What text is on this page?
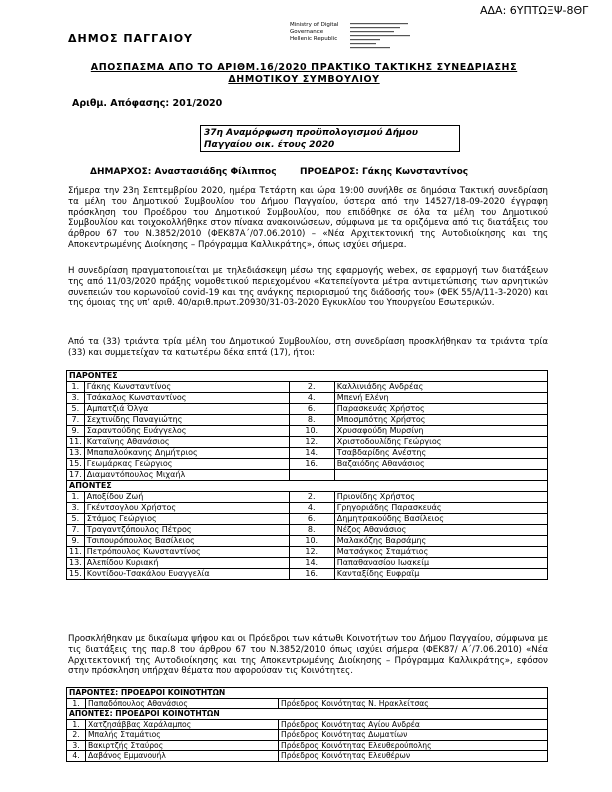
ΑΔΑ: 6ΥΠΤΩΞΨ-8ΘΓ
ΔΗΜΟΣ ΠΑΓΓΑΙΟΥ
Ministry of Digital
Governance
Hellenic Republic
ΑΠΟΣΠΑΣΜΑ ΑΠΟ ΤΟ ΑΡΙΘΜ.16/2020 ΠΡΑΚΤΙΚΟ ΤΑΚΤΙΚΗΣ ΣΥΝΕΔΡΙΑΣΗΣ ΔΗΜΟΤΙΚΟΥ ΣΥΜΒΟΥΛΙΟΥ
Αριθμ. Απόφασης: 201/2020
37η Αναμόρφωση προϋπολογισμού Δήμου Παγγαίου οικ. έτους 2020
ΔΗΜΑΡΧΟΣ: Αναστασιάδης Φίλιππος	ΠΡΟΕΔΡΟΣ: Γάκης Κωνσταντίνος
Σήμερα την 23η Σεπτεμβρίου 2020, ημέρα Τετάρτη και ώρα 19:00 συνήλθε σε δημόσια Τακτική συνεδρίαση τα μέλη του Δημοτικού Συμβουλίου του Δήμου Παγγαίου, ύστερα από την 14527/18-09-2020 έγγραφη πρόσκληση του Προέδρου του Δημοτικού Συμβουλίου, που επιδόθηκε σε όλα τα μέλη του Δημοτικού Συμβουλίου και τοιχοκολλήθηκε στον πίνακα ανακοινώσεων, σύμφωνα με τα οριζόμενα από τις διατάξεις του άρθρου 67 του Ν.3852/2010 (ΦΕΚ87Α΄/07.06.2010) – «Νέα Αρχιτεκτονική της Αυτοδιοίκησης και της Αποκεντρωμένης Διοίκησης – Πρόγραμμα Καλλικράτης», όπως ισχύει σήμερα.
Η συνεδρίαση πραγματοποιείται με τηλεδιάσκεψη μέσω της εφαρμογής webex, σε εφαρμογή των διατάξεων της από 11/03/2020 πράξης νομοθετικού περιεχομένου «Κατεπείγοντα μέτρα αντιμετώπισης των αρνητικών συνεπειών του κορωνοϊού covid-19 και της ανάγκης περιορισμού της διάδοσής του» (ΦΕΚ 55/Α/11-3-2020) και της όμοιας της υπ’ αριθ. 40/αριθ.πρωτ.20930/31-03-2020 Εγκυκλίου του Υπουργείου Εσωτερικών.
Από τα (33) τριάντα τρία μέλη του Δημοτικού Συμβουλίου, στη συνεδρίαση προσκλήθηκαν τα τριάντα τρία (33) και συμμετείχαν τα κατωτέρω δέκα επτά (17), ήτοι:
ΠΑΡΟΝΤΕΣ			
1.	Γάκης Κωνσταντίνος	2.	Καλλινιάδης Ανδρέας
3.	Τσάκαλος Κωνσταντίνος	4.	Μπενή Ελένη
5.	Αμπατζιά Όλγα	6.	Παρασκευάς Χρήστος
7.	Σεχτινίδης Παναγιώτης	8.	Μποσμπότης Χρήστος
9.	Σαραντούδης Ευάγγελος	10.	Χρυσαφούδη Μυρσίνη
11.	Καταϊνης Αθανάσιος	12.	Χριστοδουλίδης Γεώργιος
13.	Μπαπαλούκανης Δημήτριος	14.	Τσαβδαρίδης Ανέστης
15.	Γεωμάρκας Γεώργιος	16.	Βαζαιόδης Αθανάσιος
17.	Διαμαντόπουλος Μιχαήλ		
ΑΠΟΝΤΕΣ			
1.	Αποξίδου Ζωή	2.	Πριονίδης Χρήστος
3.	Γκέντσογλου Χρήστος	4.	Γρηγοριάδης Παρασκευάς
5.	Στάμος Γεώργιος	6.	Δημητρακούδης Βασίλειος
7.	Τραγαντζόπουλος Πέτρος	8.	Νέζος Αθανάσιος
9.	Τσιπουρόπουλος Βασίλειος	10.	Μαλακόζης Βαρσάμης
11.	Πετρόπουλος Κωνσταντίνος	12.	Ματσάγκος Σταμάτιος
13.	Αλεπίδου Κυριακή	14.	Παπαθανασίου Ιωακείμ
15.	Κοντίδου-Τσακάλου Ευαγγελία	16.	Κανταξίδης Ευφραΐμ
Προσκλήθηκαν με δικαίωμα ψήφου και οι Πρόεδροι των κάτωθι Κοινοτήτων του Δήμου Παγγαίου, σύμφωνα με τις διατάξεις της παρ.8 του άρθρου 67 του Ν.3852/2010 όπως ισχύει σήμερα (ΦΕΚ87/ Α΄/7.06.2010) «Νέα Αρχιτεκτονική της Αυτοδιοίκησης και της Αποκεντρωμένης Διοίκησης – Πρόγραμμα Καλλικράτης», εφόσον στην πρόσκληση υπήρχαν θέματα που αφορούσαν τις Κοινότητες.
ΠΑΡΟΝΤΕΣ: ΠΡΟΕΔΡΟΙ ΚΟΙΝΟΤΗΤΩΝ		
1.	Παπαδόπουλος Αθανάσιος	Πρόεδρος Κοινότητας Ν. Ηρακλείτσας
ΑΠΟΝΤΕΣ: ΠΡΟΕΔΡΟΙ ΚΟΙΝΟΤΗΤΩΝ		
1.	Χατζησάββας Χαράλαμπος	Πρόεδρος Κοινότητας Αγίου Ανδρέα
2.	Μπαλής Σταμάτιος	Πρόεδρος Κοινότητας Δωματίων
3.	Βακιρτζής Σταύρος	Πρόεδρος Κοινότητας Ελευθερούπολης
4.	Δαβάνος Εμμανουήλ	Πρόεδρος Κοινότητας Ελευθέρων
